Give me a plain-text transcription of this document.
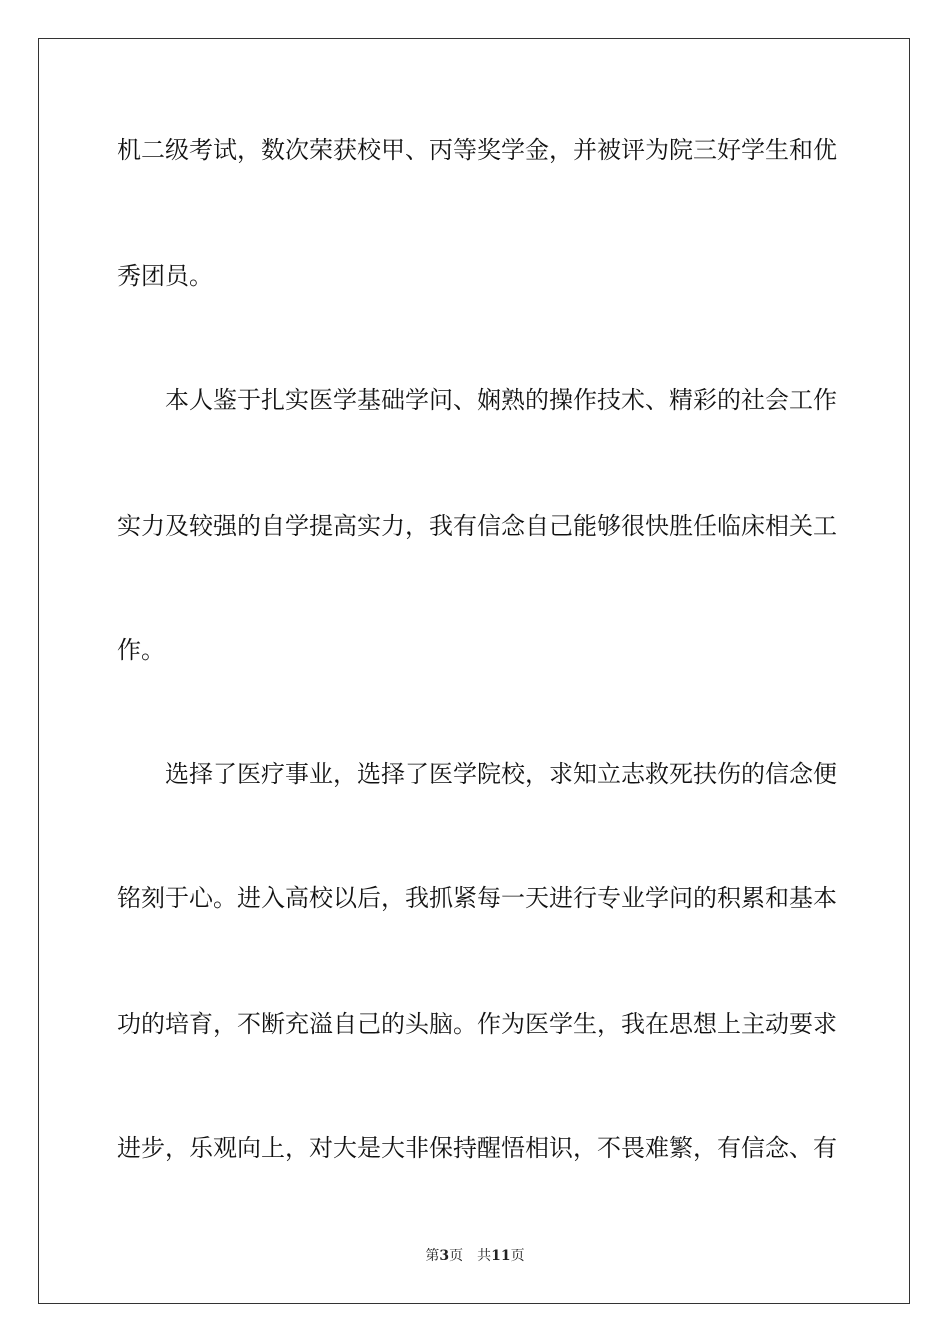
机二级考试，数次荣获校甲、丙等奖学金，并被评为院三好学生和优
秀团员。
本人鉴于扎实医学基础学问、娴熟的操作技术、精彩的社会工作
实力及较强的自学提高实力，我有信念自己能够很快胜任临床相关工
作。
选择了医疗事业，选择了医学院校，求知立志救死扶伤的信念便
铭刻于心。进入高校以后，我抓紧每一天进行专业学问的积累和基本
功的培育，不断充溢自己的头脑。作为医学生，我在思想上主动要求
进步，乐观向上，对大是大非保持醒悟相识，不畏难繁，有信念、有
第3页 共11页
